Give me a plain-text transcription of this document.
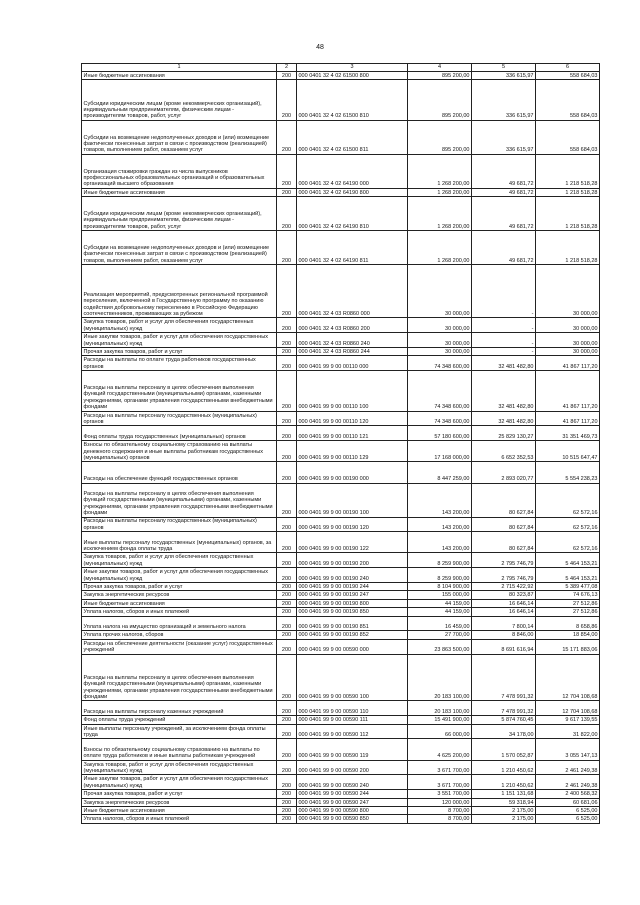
48
1	2	3	4	5	6
Иные бюджетные ассигнования	200	000 0401 32 4 02 61500 800	895 200,00	336 615,97	558 684,03
Субсидии юридическим лицам (кроме некоммерческих организаций), индивидуальным предпринимателям, физическим лицам - производителям товаров, работ, услуг	200	000 0401 32 4 02 61500 810	895 200,00	336 615,97	558 684,03
Субсидии на возмещение недополученных доходов и (или) возмещение фактически понесенных затрат в связи с производством (реализацией) товаров, выполнением работ, оказанием услуг	200	000 0401 32 4 02 61500 811	895 200,00	336 615,97	558 684,03
Организация стажировки граждан из числа выпускников профессиональных образовательных организаций и образовательных организаций высшего образования	200	000 0401 32 4 02 64190 000	1 268 200,00	49 681,72	1 218 518,28
Иные бюджетные ассигнования	200	000 0401 32 4 02 64190 800	1 268 200,00	49 681,72	1 218 518,28
Субсидии юридическим лицам (кроме некоммерческих организаций), индивидуальным предпринимателям, физическим лицам - производителям товаров, работ, услуг	200	000 0401 32 4 02 64190 810	1 268 200,00	49 681,72	1 218 518,28
Субсидии на возмещение недополученных доходов и (или) возмещение фактически понесенных затрат в связи с производством (реализацией) товаров, выполнением работ, оказанием услуг	200	000 0401 32 4 02 64190 811	1 268 200,00	49 681,72	1 218 518,28
Реализация мероприятий, предусмотренных региональной программой переселения, включенной в Государственную программу по оказанию содействия добровольному переселению в Российскую Федерацию соотечественников, проживающих за рубежом	200	000 0401 32 4 03 R0860 000	30 000,00	-	30 000,00
Закупка товаров, работ и услуг для обеспечения государственных (муниципальных) нужд	200	000 0401 32 4 03 R0860 200	30 000,00	-	30 000,00
Иные закупки товаров, работ и услуг для обеспечения государственных (муниципальных) нужд	200	000 0401 32 4 03 R0860 240	30 000,00	-	30 000,00
Прочая закупка товаров, работ и услуг	200	000 0401 32 4 03 R0860 244	30 000,00	-	30 000,00
Расходы на выплаты по оплате труда работников государственных органов	200	000 0401 99 9 00 00110 000	74 348 600,00	32 481 482,80	41 867 117,20
Расходы на выплаты персоналу в целях обеспечения выполнения функций государственными (муниципальными) органами, казенными учреждениями, органами управления государственными внебюджетными фондами	200	000 0401 99 9 00 00110 100	74 348 600,00	32 481 482,80	41 867 117,20
Расходы на выплаты персоналу государственных (муниципальных) органов	200	000 0401 99 9 00 00110 120	74 348 600,00	32 481 482,80	41 867 117,20
Фонд оплаты труда государственных (муниципальных) органов	200	000 0401 99 9 00 00110 121	57 180 600,00	25 829 130,27	31 351 469,73
Взносы по обязательному социальному страхованию на выплаты денежного содержания и иные выплаты работникам государственных (муниципальных) органов	200	000 0401 99 9 00 00110 129	17 168 000,00	6 652 352,53	10 515 647,47
Расходы на обеспечение функций государственных органов	200	000 0401 99 9 00 00190 000	8 447 259,00	2 893 020,77	5 554 238,23
Расходы на выплаты персоналу в целях обеспечения выполнения функций государственными (муниципальными) органами, казенными учреждениями, органами управления государственными внебюджетными фондами	200	000 0401 99 9 00 00190 100	143 200,00	80 627,84	62 572,16
Расходы на выплаты персоналу государственных (муниципальных) органов	200	000 0401 99 9 00 00190 120	143 200,00	80 627,84	62 572,16
Иные выплаты персоналу государственных (муниципальных) органов, за исключением фонда оплаты труда	200	000 0401 99 9 00 00190 122	143 200,00	80 627,84	62 572,16
Закупка товаров, работ и услуг для обеспечения государственных (муниципальных) нужд	200	000 0401 99 9 00 00190 200	8 259 900,00	2 795 746,79	5 464 153,21
Иные закупки товаров, работ и услуг для обеспечения государственных (муниципальных) нужд	200	000 0401 99 9 00 00190 240	8 259 900,00	2 795 746,79	5 464 153,21
Прочая закупка товаров, работ и услуг	200	000 0401 99 9 00 00190 244	8 104 900,00	2 715 422,92	5 389 477,08
Закупка энергетических ресурсов	200	000 0401 99 9 00 00190 247	155 000,00	80 323,87	74 676,13
Иные бюджетные ассигнования	200	000 0401 99 9 00 00190 800	44 159,00	16 646,14	27 512,86
Уплата налогов, сборов и иных платежей	200	000 0401 99 9 00 00190 850	44 159,00	16 646,14	27 512,86
Уплата налога на имущество организаций и земельного налога	200	000 0401 99 9 00 00190 851	16 459,00	7 800,14	8 658,86
Уплата прочих налогов, сборов	200	000 0401 99 9 00 00190 852	27 700,00	8 846,00	18 854,00
Расходы на обеспечение деятельности (оказание услуг) государственных учреждений	200	000 0401 99 9 00 00590 000	23 863 500,00	8 691 616,94	15 171 883,06
Расходы на выплаты персоналу в целях обеспечения выполнения функций государственными (муниципальными) органами, казенными учреждениями, органами управления государственными внебюджетными фондами	200	000 0401 99 9 00 00590 100	20 183 100,00	7 478 991,32	12 704 108,68
Расходы на выплаты персоналу казенных учреждений	200	000 0401 99 9 00 00590 110	20 183 100,00	7 478 991,32	12 704 108,68
Фонд оплаты труда учреждений	200	000 0401 99 9 00 00590 111	15 491 900,00	5 874 760,45	9 617 139,55
Иные выплаты персоналу учреждений, за исключением фонда оплаты труда	200	000 0401 99 9 00 00590 112	66 000,00	34 178,00	31 822,00
Взносы по обязательному социальному страхованию на выплаты по оплате труда работников и иные выплаты работникам учреждений	200	000 0401 99 9 00 00590 119	4 625 200,00	1 570 052,87	3 055 147,13
Закупка товаров, работ и услуг для обеспечения государственных (муниципальных) нужд	200	000 0401 99 9 00 00590 200	3 671 700,00	1 210 450,62	2 461 249,38
Иные закупки товаров, работ и услуг для обеспечения государственных (муниципальных) нужд	200	000 0401 99 9 00 00590 240	3 671 700,00	1 210 450,62	2 461 249,38
Прочая закупка товаров, работ и услуг	200	000 0401 99 9 00 00590 244	3 551 700,00	1 151 131,68	2 400 568,32
Закупка энергетических ресурсов	200	000 0401 99 9 00 00590 247	120 000,00	59 318,94	60 681,06
Иные бюджетные ассигнования	200	000 0401 99 9 00 00590 800	8 700,00	2 175,00	6 525,00
Уплата налогов, сборов и иных платежей	200	000 0401 99 9 00 00590 850	8 700,00	2 175,00	6 525,00
